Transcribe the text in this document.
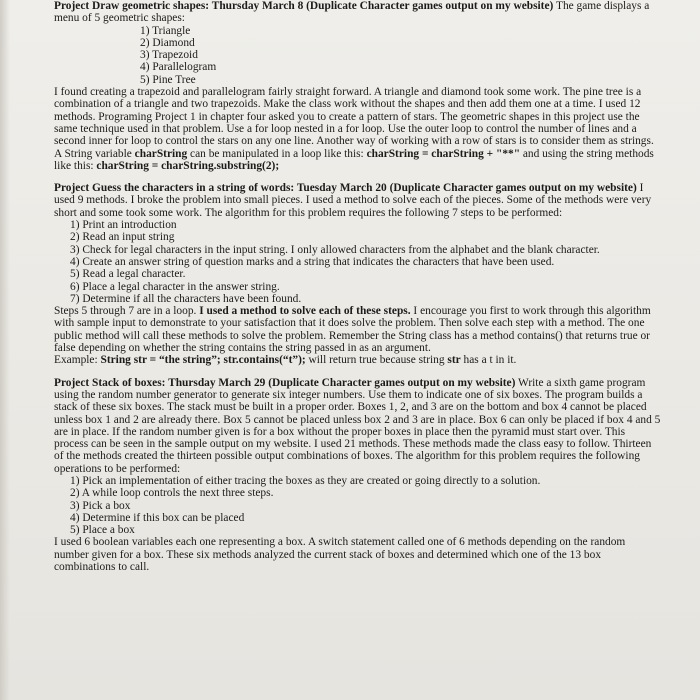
Project Draw geometric shapes: Thursday March 8 (Duplicate Character games output on my website) The game displays a menu of 5 geometric shapes:

1) Triangle
2) Diamond
3) Trapezoid
4) Parallelogram
5) Pine Tree

I found creating a trapezoid and parallelogram fairly straight forward. A triangle and diamond took some work. The pine tree is a combination of a triangle and two trapezoids. Make the class work without the shapes and then add them one at a time. I used 12 methods. Programing Project 1 in chapter four asked you to create a pattern of stars. The geometric shapes in this project use the same technique used in that problem. Use a for loop nested in a for loop. Use the outer loop to control the number of lines and a second inner for loop to control the stars on any one line. Another way of working with a row of stars is to consider them as strings. A String variable charString can be manipulated in a loop like this: charString = charString + "**" and using the string methods like this: charString = charString.substring(2);

Project Guess the characters in a string of words: Tuesday March 20 (Duplicate Character games output on my website) I used 9 methods. I broke the problem into small pieces. I used a method to solve each of the pieces. Some of the methods were very short and some took some work. The algorithm for this problem requires the following 7 steps to be performed:

1) Print an introduction
2) Read an input string
3) Check for legal characters in the input string. I only allowed characters from the alphabet and the blank character.
4) Create an answer string of question marks and a string that indicates the characters that have been used.
5) Read a legal character.
6) Place a legal character in the answer string.
7) Determine if all the characters have been found.

Steps 5 through 7 are in a loop. I used a method to solve each of these steps. I encourage you first to work through this algorithm with sample input to demonstrate to your satisfaction that it does solve the problem. Then solve each step with a method. The one public method will call these methods to solve the problem. Remember the String class has a method contains() that returns true or false depending on whether the string contains the string passed in as an argument.

Example: String str = “the string”; str.contains(“t”); will return true because string str has a t in it.

Project Stack of boxes: Thursday March 29 (Duplicate Character games output on my website) Write a sixth game program using the random number generator to generate six integer numbers. Use them to indicate one of six boxes. The program builds a stack of these six boxes. The stack must be built in a proper order. Boxes 1, 2, and 3 are on the bottom and box 4 cannot be placed unless box 1 and 2 are already there. Box 5 cannot be placed unless box 2 and 3 are in place. Box 6 can only be placed if box 4 and 5 are in place. If the random number given is for a box without the proper boxes in place then the pyramid must start over. This process can be seen in the sample output on my website. I used 21 methods. These methods made the class easy to follow. Thirteen of the methods created the thirteen possible output combinations of boxes. The algorithm for this problem requires the following operations to be performed:

1) Pick an implementation of either tracing the boxes as they are created or going directly to a solution.
2) A while loop controls the next three steps.
3) Pick a box
4) Determine if this box can be placed
5) Place a box

I used 6 boolean variables each one representing a box. A switch statement called one of 6 methods depending on the random number given for a box. These six methods analyzed the current stack of boxes and determined which one of the 13 box combinations to call.
